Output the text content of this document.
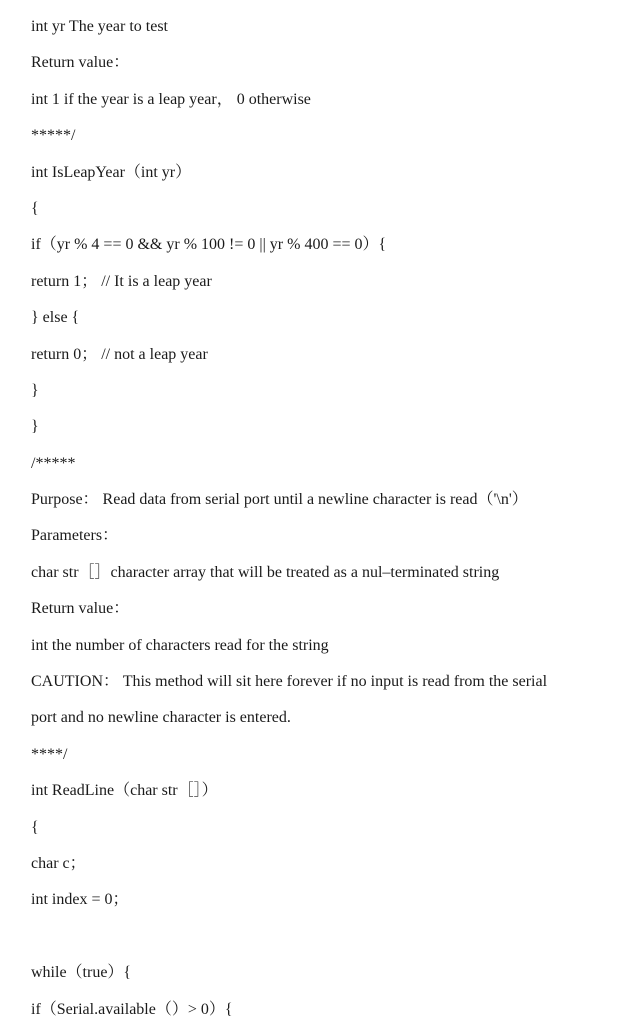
int yr The year to test
Return value：
int 1 if the year is a leap year， 0 otherwise
*****/
int IsLeapYear（int yr）
{
if（yr % 4 == 0 && yr % 100 != 0 || yr % 400 == 0）{
return 1； // It is a leap year
} else {
return 0； // not a leap year
}
}
/*****
Purpose： Read data from serial port until a newline character is read（'\n'）
Parameters：
char str［］character array that will be treated as a nul–terminated string
Return value：
int the number of characters read for the string
CAUTION： This method will sit here forever if no input is read from the serial
port and no newline character is entered.
****/
int ReadLine（char str［］）
{
char c；
int index = 0；
while（true）{
if（Serial.available（）> 0）{
